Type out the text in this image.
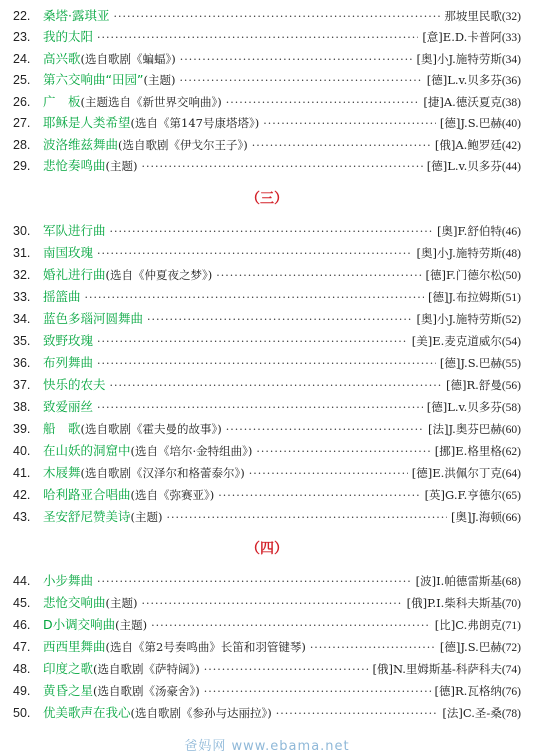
22.	桑塔·露琪亚 ·····	那坡里民歌 (32)
23.	我的太阳 ·····	[意] E.D.卡普阿 (33)
24.	高兴歌 (选自歌剧《蝙蝠》) ·····	[奥] 小J.施特劳斯 (34)
25.	第六交响曲“田园” (主题) ·····	[德] L.v.贝多芬 (36)
26.	广　板 (主题选自《新世界交响曲》) ·····	[捷] A.德沃夏克 (38)
27.	耶稣是人类希望 (选自《第147号康塔塔》) ·····	[德] J.S.巴赫 (40)
28.	波洛维兹舞曲 (选自歌剧《伊戈尔王子》) ·····	[俄] A.鲍罗廷 (42)
29.	悲怆奏鸣曲 (主题) ·····	[德] L.v.贝多芬 (44)
（三）
30.	军队进行曲 ·····	[奥] F.舒伯特 (46)
31.	南国玫瑰 ·····	[奥] 小J.施特劳斯 (48)
32.	婚礼进行曲 (选自《仲夏夜之梦》) ·····	[德] F.门德尔松 (50)
33.	摇篮曲 ·····	[德] J.布拉姆斯 (51)
34.	蓝色多瑙河圆舞曲 ·····	[奥] 小J.施特劳斯 (52)
35.	致野玫瑰 ·····	[美] E.麦克道威尔 (54)
36.	布列舞曲 ·····	[德] J.S.巴赫 (55)
37.	快乐的农夫 ·····	[德] R.舒曼 (56)
38.	致爱丽丝 ·····	[德] L.v.贝多芬 (58)
39.	船　歌 (选自歌剧《霍夫曼的故事》) ·····	[法] J.奥芬巴赫 (60)
40.	在山妖的洞窟中 (选自《培尔·金特组曲》) ·····	[挪] E.格里格 (62)
41.	木屐舞 (选自歌剧《汉泽尔和格蕾泰尔》) ·····	[德] E.洪佩尔丁克 (64)
42.	哈利路亚合唱曲 (选自《弥赛亚》) ·····	[英] G.F.亨德尔 (65)
43.	圣安舒尼赞美诗 (主题) ·····	[奥] J.海顿 (66)
（四）
44.	小步舞曲 ·····	[波] I.帕德雷斯基 (68)
45.	悲怆交响曲 (主题) ·····	[俄] P.I.柴科夫斯基 (70)
46.	D小调交响曲 (主题) ·····	[比] C.弗朗克 (71)
47.	西西里舞曲 (选自《第2号奏鸣曲》长笛和羽管键琴) ·····	[德] J.S.巴赫 (72)
48.	印度之歌 (选自歌剧《萨特阔》) ·····	[俄] N.里姆斯基-科萨科夫 (74)
49.	黄昏之星 (选自歌剧《汤豪舍》) ·····	[德] R.瓦格纳 (76)
50.	优美歌声在我心 (选自歌剧《参孙与达丽拉》) ·····	[法] C.圣-桑 (78)
爸妈网 www.ebama.net
